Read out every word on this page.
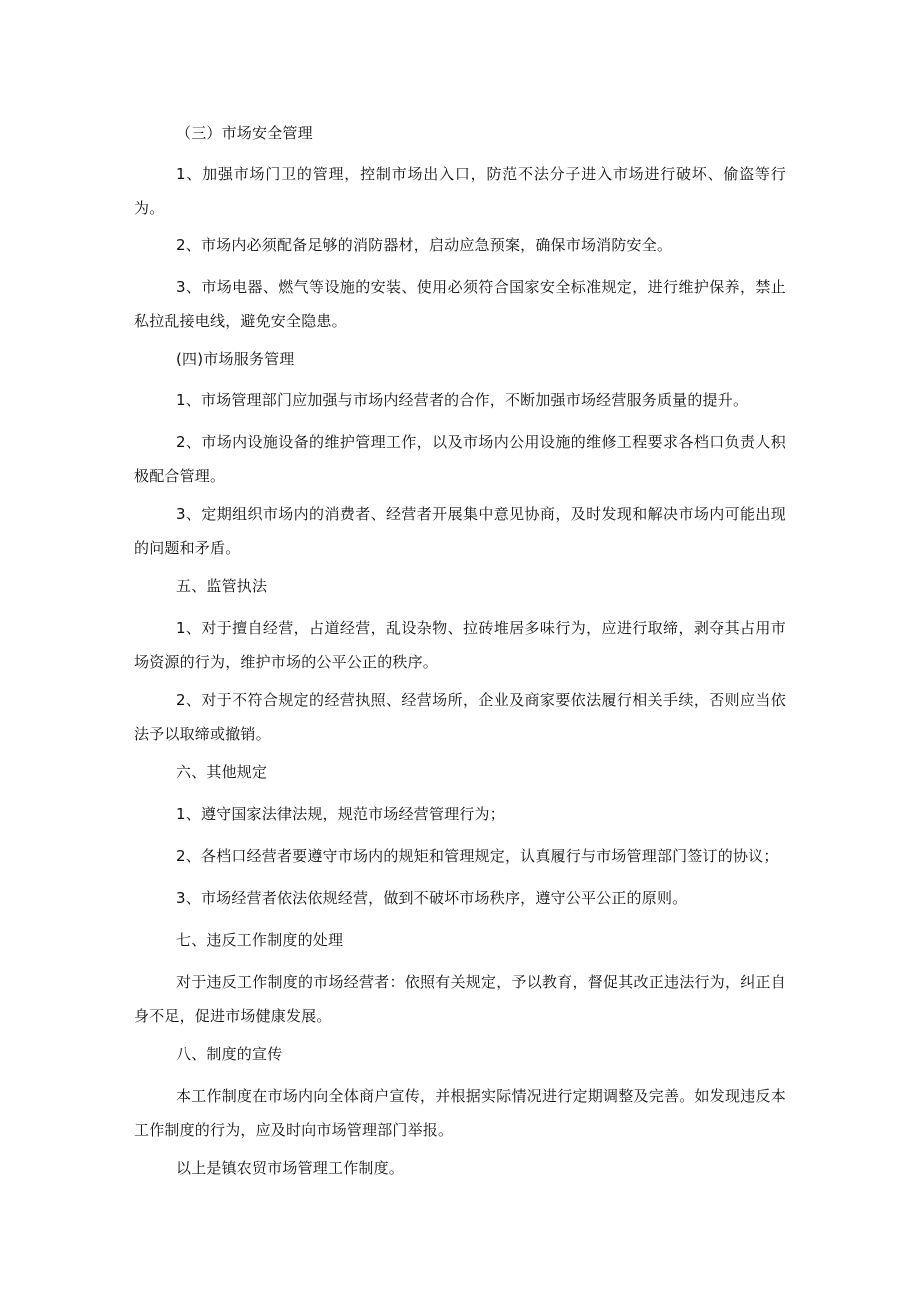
（三）市场安全管理

1、加强市场门卫的管理，控制市场出入口，防范不法分子进入市场进行破坏、偷盗等行为。

2、市场内必须配备足够的消防器材，启动应急预案，确保市场消防安全。

3、市场电器、燃气等设施的安装、使用必须符合国家安全标准规定，进行维护保养，禁止私拉乱接电线，避免安全隐患。

(四)市场服务管理

1、市场管理部门应加强与市场内经营者的合作，不断加强市场经营服务质量的提升。

2、市场内设施设备的维护管理工作，以及市场内公用设施的维修工程要求各档口负责人积极配合管理。

3、定期组织市场内的消费者、经营者开展集中意见协商，及时发现和解决市场内可能出现的问题和矛盾。

五、监管执法

1、对于擅自经营，占道经营，乱设杂物、拉砖堆居多味行为，应进行取缔，剥夺其占用市场资源的行为，维护市场的公平公正的秩序。

2、对于不符合规定的经营执照、经营场所，企业及商家要依法履行相关手续，否则应当依法予以取缔或撤销。

六、其他规定

1、遵守国家法律法规，规范市场经营管理行为；

2、各档口经营者要遵守市场内的规矩和管理规定，认真履行与市场管理部门签订的协议；

3、市场经营者依法依规经营，做到不破坏市场秩序，遵守公平公正的原则。

七、违反工作制度的处理

对于违反工作制度的市场经营者：依照有关规定，予以教育，督促其改正违法行为，纠正自身不足，促进市场健康发展。

八、制度的宣传

本工作制度在市场内向全体商户宣传，并根据实际情况进行定期调整及完善。如发现违反本工作制度的行为，应及时向市场管理部门举报。

以上是镇农贸市场管理工作制度。
